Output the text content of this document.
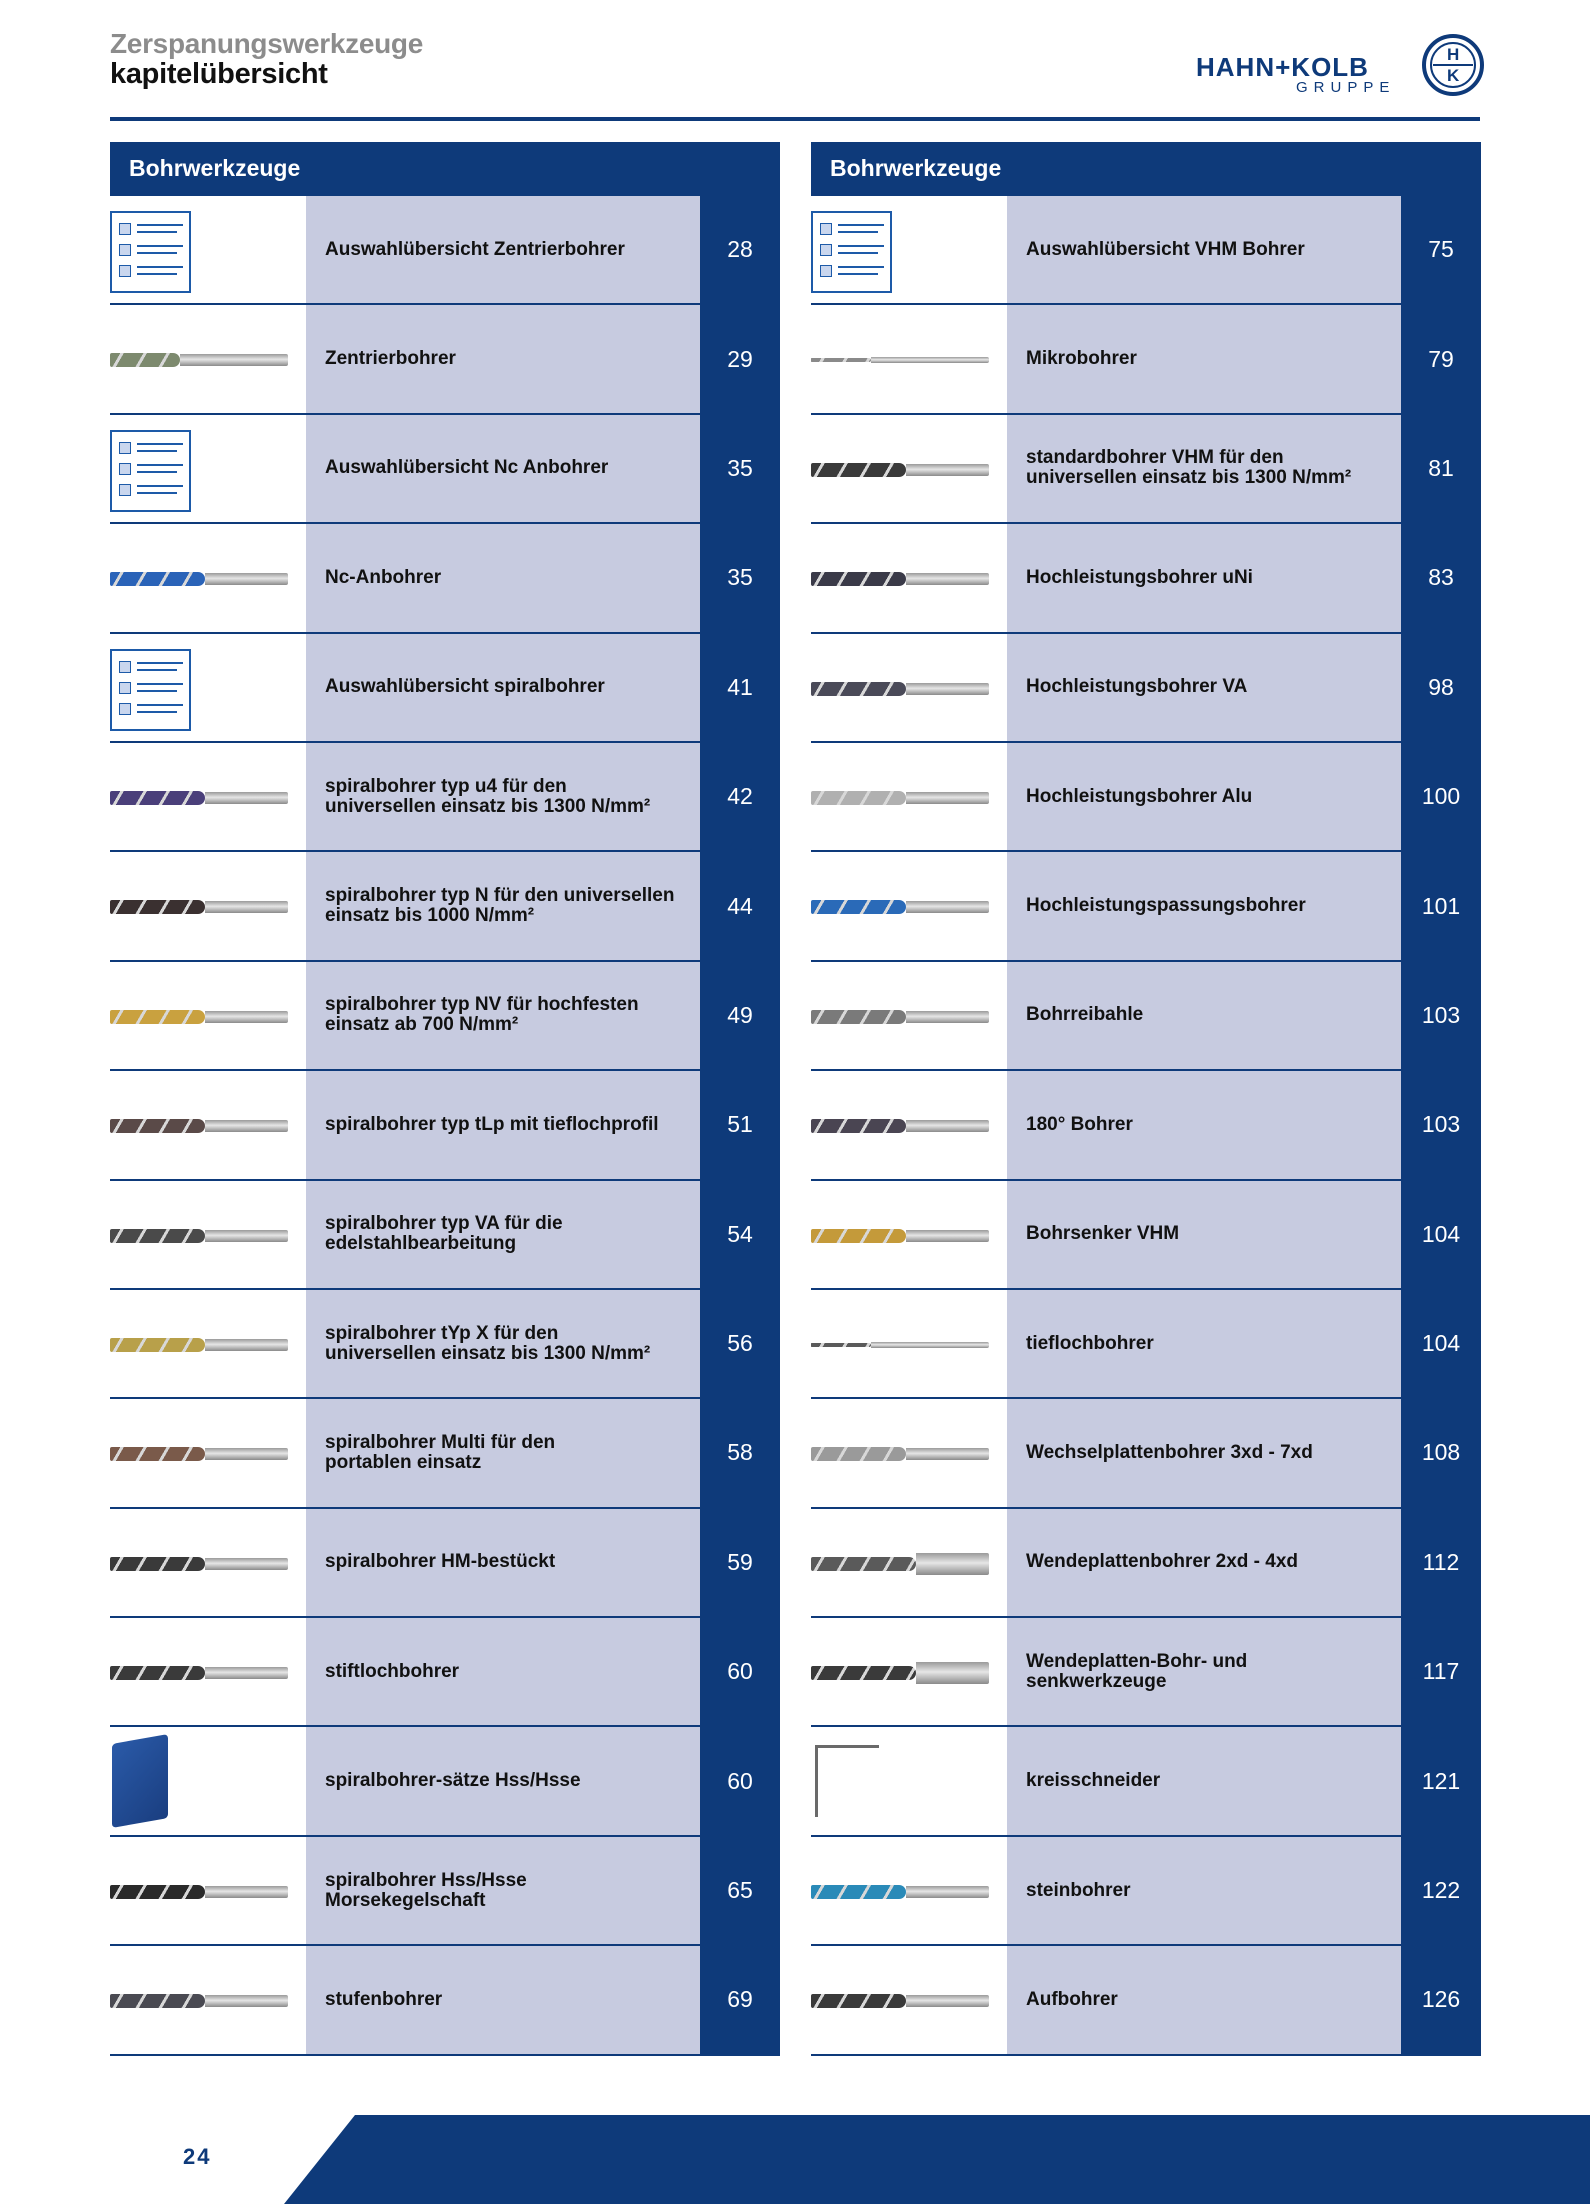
Zerspanungswerkzeuge
kapitelübersicht	HAHN+KOLB
GRUPPE
H
K
Bohrwerkzeuge
Auswahlübersicht Zentrierbohrer	28
Zentrierbohrer	29
Auswahlübersicht Nc Anbohrer	35
Nc-Anbohrer	35
Auswahlübersicht spiralbohrer	41
spiralbohrer typ u4 für den
universellen einsatz bis 1300 N/mm²	42
spiralbohrer typ N für den universellen
einsatz bis 1000 N/mm²	44
spiralbohrer typ NV für hochfesten
einsatz ab 700 N/mm²	49
spiralbohrer typ tLp mit tieflochprofil	51
spiralbohrer typ VA für die
edelstahlbearbeitung	54
spiralbohrer tYp X für den
universellen einsatz bis 1300 N/mm²	56
spiralbohrer Multi für den
portablen einsatz	58
spiralbohrer HM-bestückt	59
stiftlochbohrer	60
spiralbohrer-sätze Hss/Hsse	60
spiralbohrer Hss/Hsse
Morsekegelschaft	65
stufenbohrer	69
Bohrwerkzeuge
Auswahlübersicht VHM Bohrer	75
Mikrobohrer	79
standardbohrer VHM für den
universellen einsatz bis 1300 N/mm²	81
Hochleistungsbohrer uNi	83
Hochleistungsbohrer VA	98
Hochleistungsbohrer Alu	100
Hochleistungspassungsbohrer	101
Bohrreibahle	103
180° Bohrer	103
Bohrsenker VHM	104
tieflochbohrer	104
Wechselplattenbohrer 3xd - 7xd	108
Wendeplattenbohrer 2xd - 4xd	112
Wendeplatten-Bohr- und
senkwerkzeuge	117
kreisschneider	121
steinbohrer	122
Aufbohrer	126
24
